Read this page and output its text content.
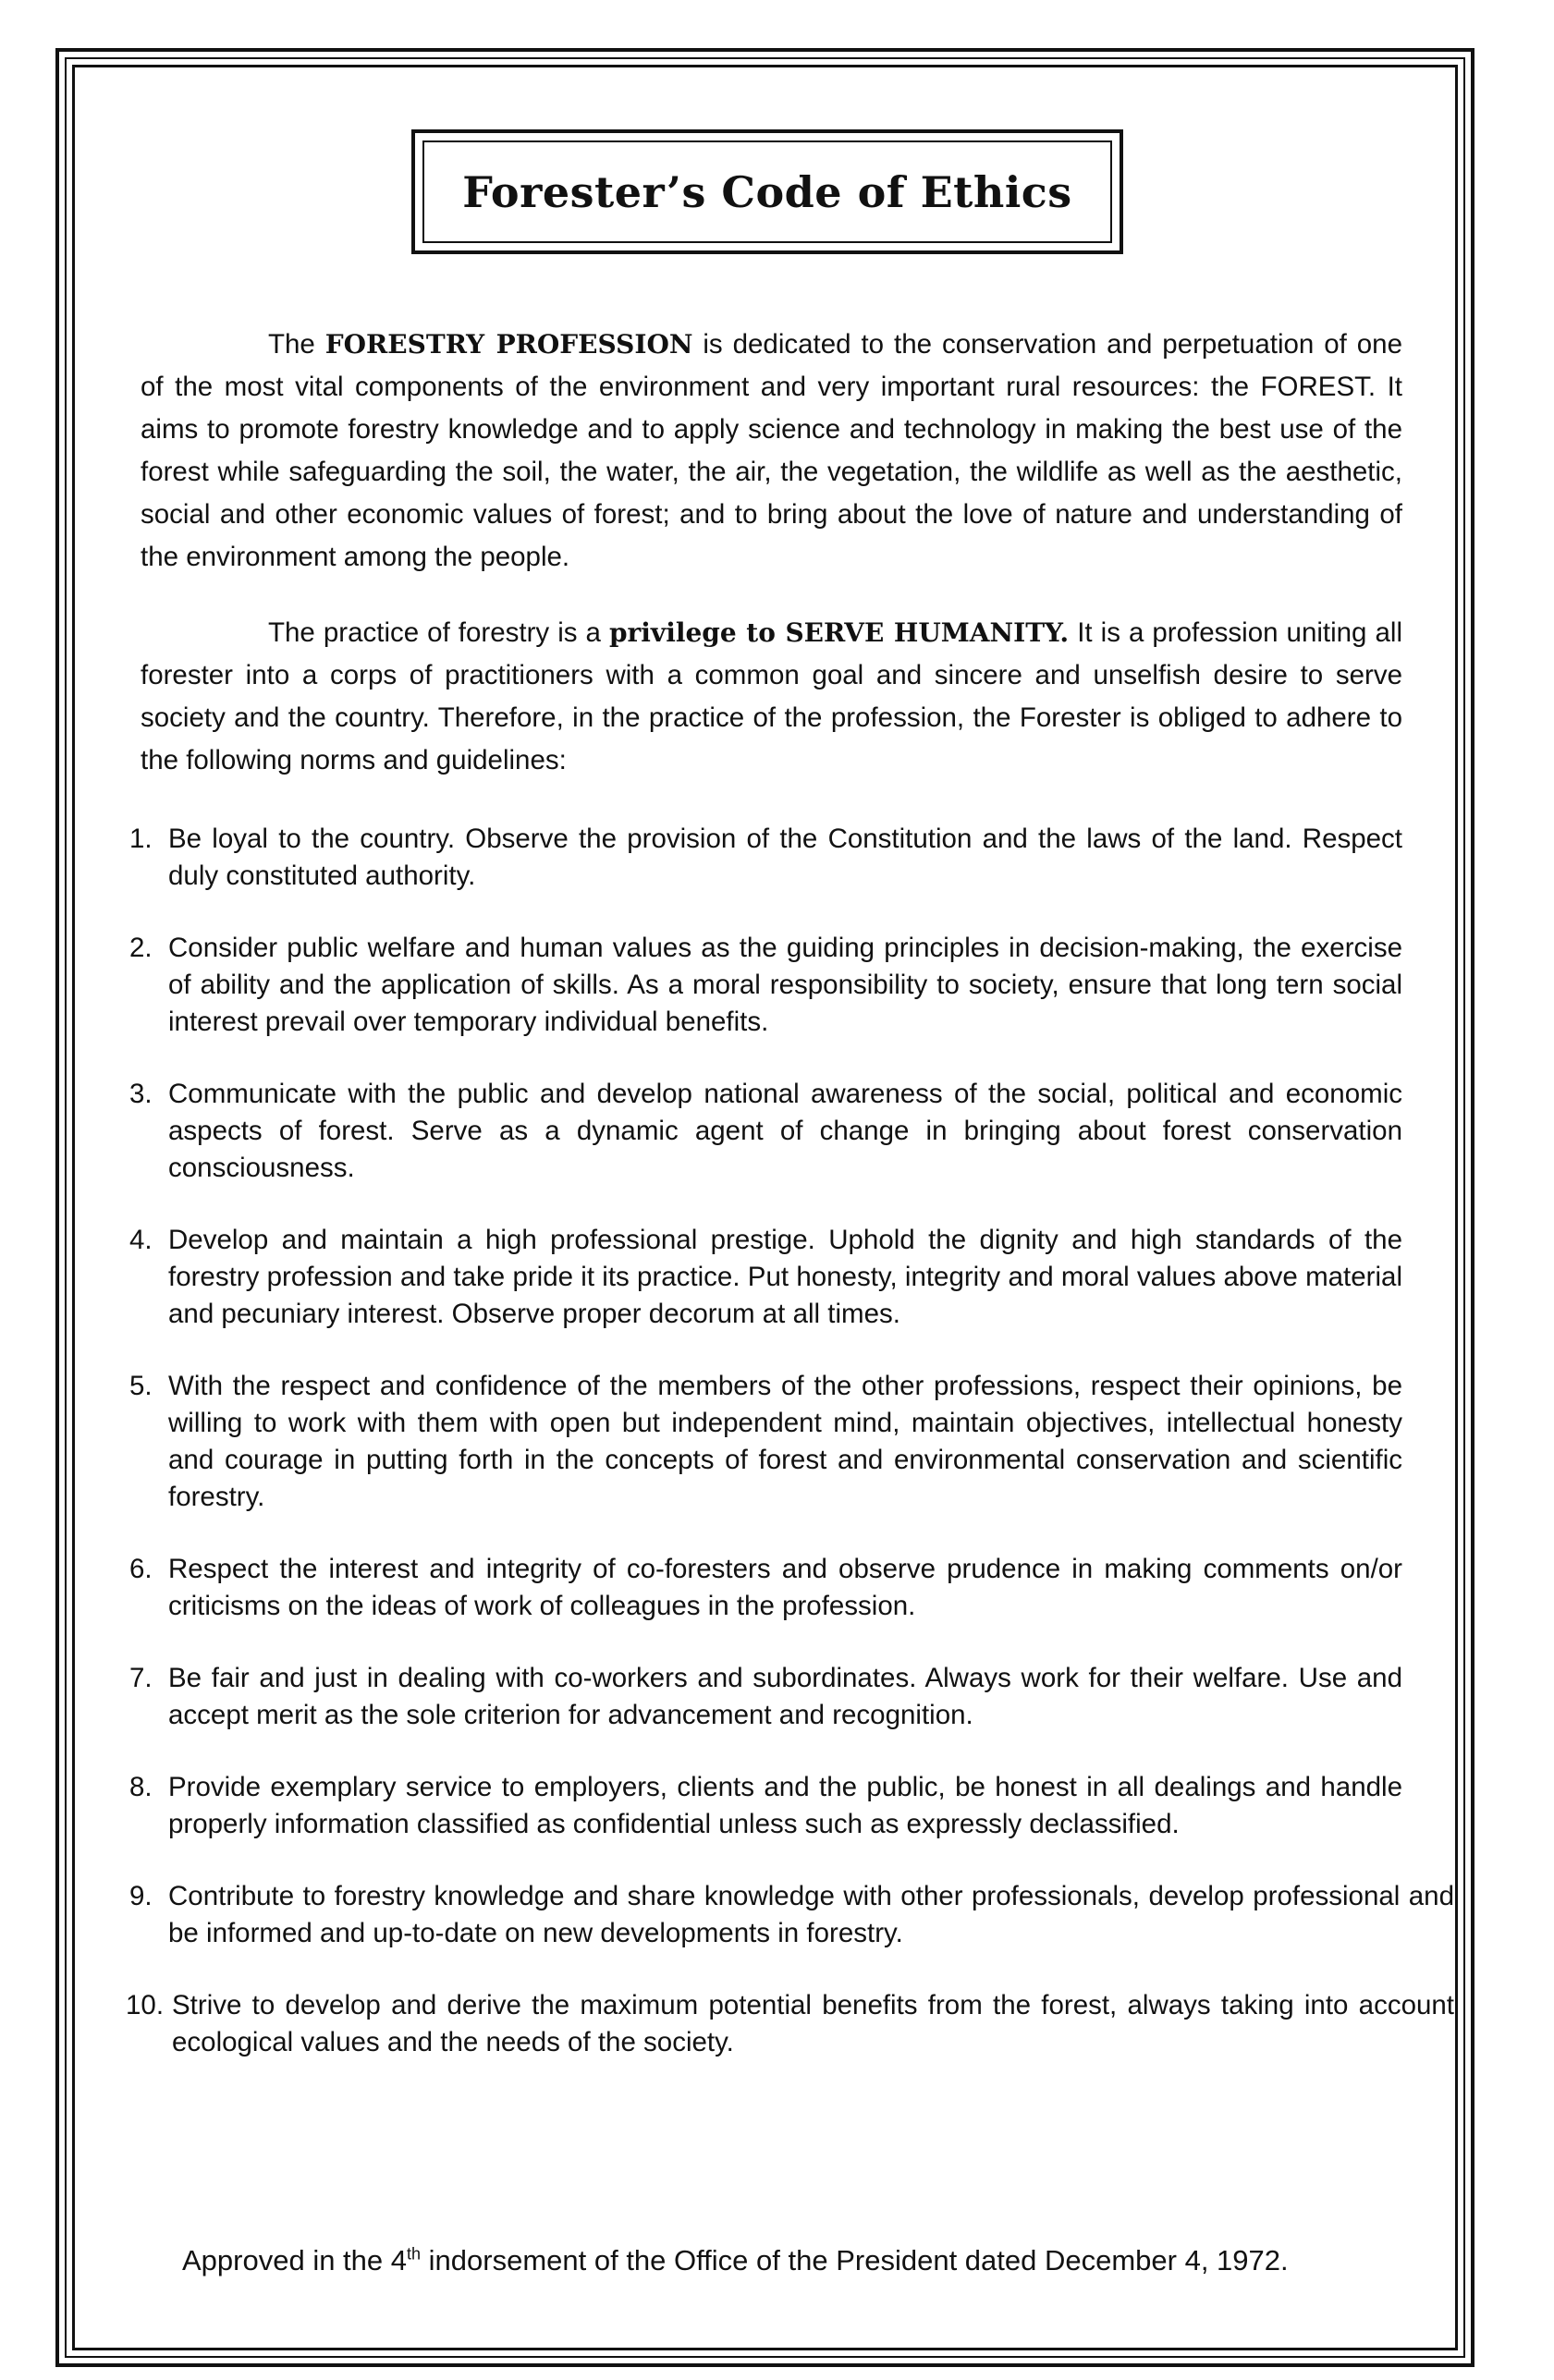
Forester’s Code of Ethics

The FORESTRY PROFESSION is dedicated to the conservation and perpetuation of one of the most vital components of the environment and very important rural resources: the FOREST. It aims to promote forestry knowledge and to apply science and technology in making the best use of the forest while safeguarding the soil, the water, the air, the vegetation, the wildlife as well as the aesthetic, social and other economic values of forest; and to bring about the love of nature and understanding of the environment among the people.

The practice of forestry is a privilege to SERVE HUMANITY. It is a profession uniting all forester into a corps of practitioners with a common goal and sincere and unselfish desire to serve society and the country. Therefore, in the practice of the profession, the Forester is obliged to adhere to the following norms and guidelines:

1. Be loyal to the country. Observe the provision of the Constitution and the laws of the land. Respect duly constituted authority.
2. Consider public welfare and human values as the guiding principles in decision-making, the exercise of ability and the application of skills. As a moral responsibility to society, ensure that long tern social interest prevail over temporary individual benefits.
3. Communicate with the public and develop national awareness of the social, political and economic aspects of forest. Serve as a dynamic agent of change in bringing about forest conservation consciousness.
4. Develop and maintain a high professional prestige. Uphold the dignity and high standards of the forestry profession and take pride it its practice. Put honesty, integrity and moral values above material and pecuniary interest. Observe proper decorum at all times.
5. With the respect and confidence of the members of the other professions, respect their opinions, be willing to work with them with open but independent mind, maintain objectives, intellectual honesty and courage in putting forth in the concepts of forest and environmental conservation and scientific forestry.
6. Respect the interest and integrity of co-foresters and observe prudence in making comments on/or criticisms on the ideas of work of colleagues in the profession.
7. Be fair and just in dealing with co-workers and subordinates. Always work for their welfare. Use and accept merit as the sole criterion for advancement and recognition.
8. Provide exemplary service to employers, clients and the public, be honest in all dealings and handle properly information classified as confidential unless such as expressly declassified.
9. Contribute to forestry knowledge and share knowledge with other professionals, develop professional and be informed and up-to-date on new developments in forestry.
10. Strive to develop and derive the maximum potential benefits from the forest, always taking into account ecological values and the needs of the society.
Approved in the 4th indorsement of the Office of the President dated December 4, 1972.
